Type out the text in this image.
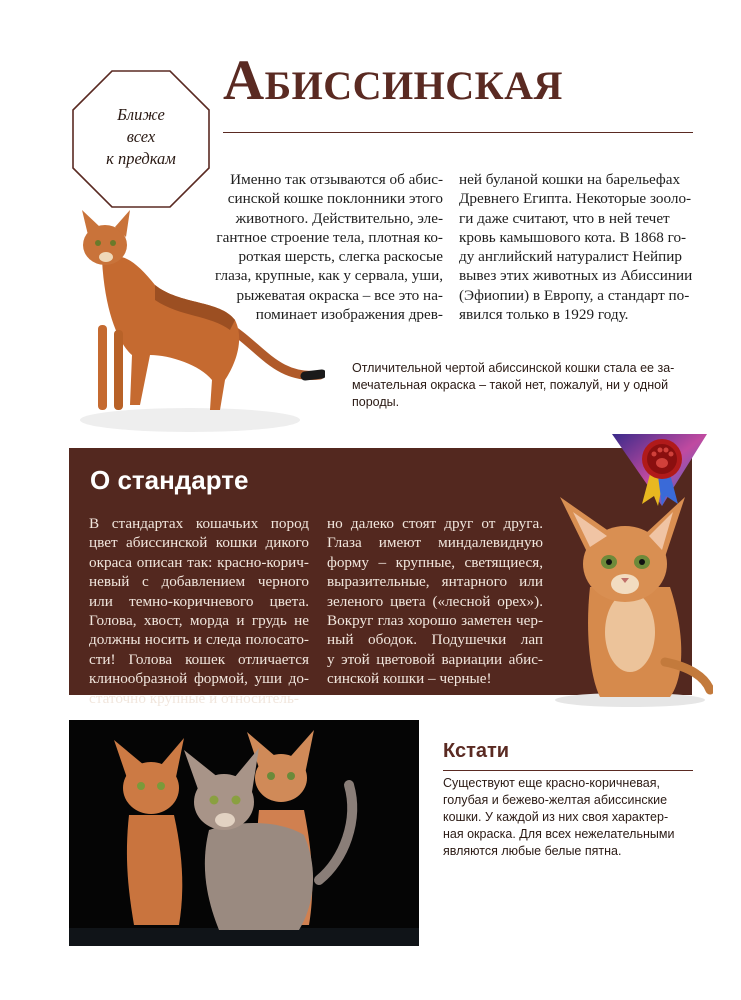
Абиссинская
Ближе
всех
к предкам
Именно так отзываются об абис-
синской кошке поклонники этого
животного. Действительно, эле-
гантное строение тела, плотная ко-
роткая шерсть, слегка раскосые
глаза, крупные, как у сервала, уши,
рыжеватая окраска – все это на-
поминает изображения древ-
ней буланой кошки на барельефах
Древнего Египта. Некоторые зооло-
ги даже считают, что в ней течет
кровь камышового кота. В 1868 го-
ду английский натуралист Нейпир
вывез этих животных из Абиссинии
(Эфиопии) в Европу, а стандарт по-
явился только в 1929 году.
Отличительной чертой абиссинской кошки стала ее за-
мечательная окраска – такой нет, пожалуй, ни у одной
породы.
О стандарте
В стандартах кошачьих пород
цвет абиссинской кошки дикого
окраса описан так: красно-корич-
невый с добавлением черного
или темно-коричневого цвета.
Голова, хвост, морда и грудь не
должны носить и следа полосато-
сти! Голова кошек отличается
клинообразной формой, уши до-
статочно крупные и относитель-
но далеко стоят друг от друга.
Глаза имеют миндалевидную
форму – крупные, светящиеся,
выразительные, янтарного или
зеленого цвета («лесной орех»).
Вокруг глаз хорошо заметен чер-
ный ободок. Подушечки лап
у этой цветовой вариации абис-
синской кошки – черные!
Кстати
Существуют еще красно-коричневая,
голубая и бежево-желтая абиссинские
кошки. У каждой из них своя характер-
ная окраска. Для всех нежелательными
являются любые белые пятна.
